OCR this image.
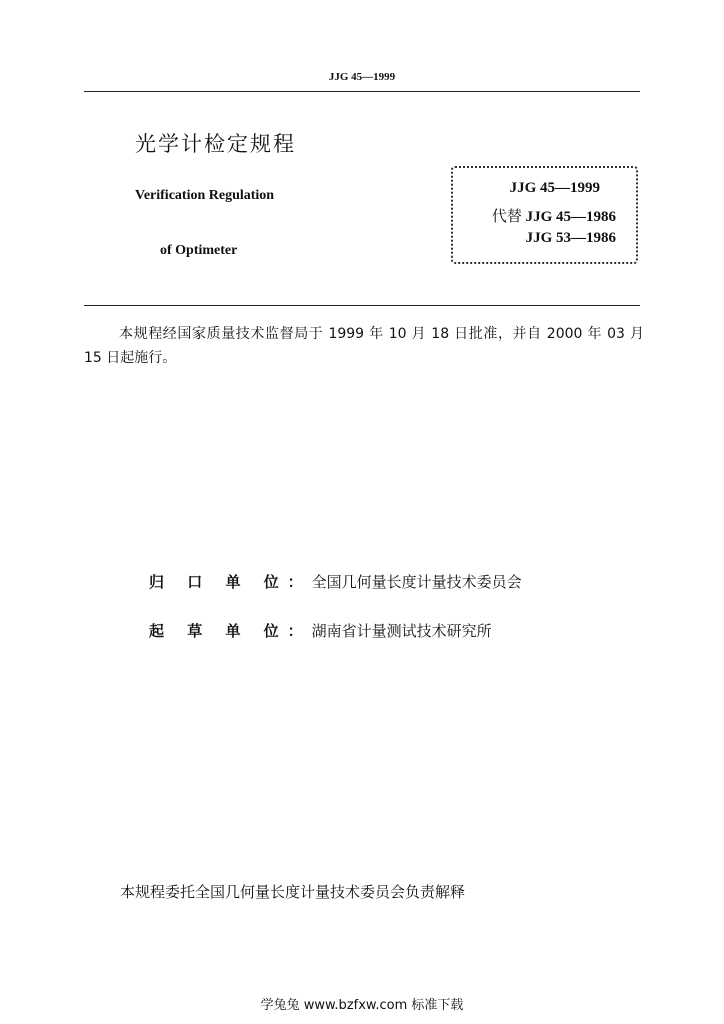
JJG 45—1999
光学计检定规程
Verification Regulation
of Optimeter
JJG 45—1999
代替 JJG 45—1986
JJG 53—1986
本规程经国家质量技术监督局于 1999 年 10 月 18 日批准，并自 2000 年 03 月 15 日起施行。
归 口 单 位：全国几何量长度计量技术委员会
起 草 单 位：湖南省计量测试技术研究所
本规程委托全国几何量长度计量技术委员会负责解释
学兔兔 www.bzfxw.com 标准下载
